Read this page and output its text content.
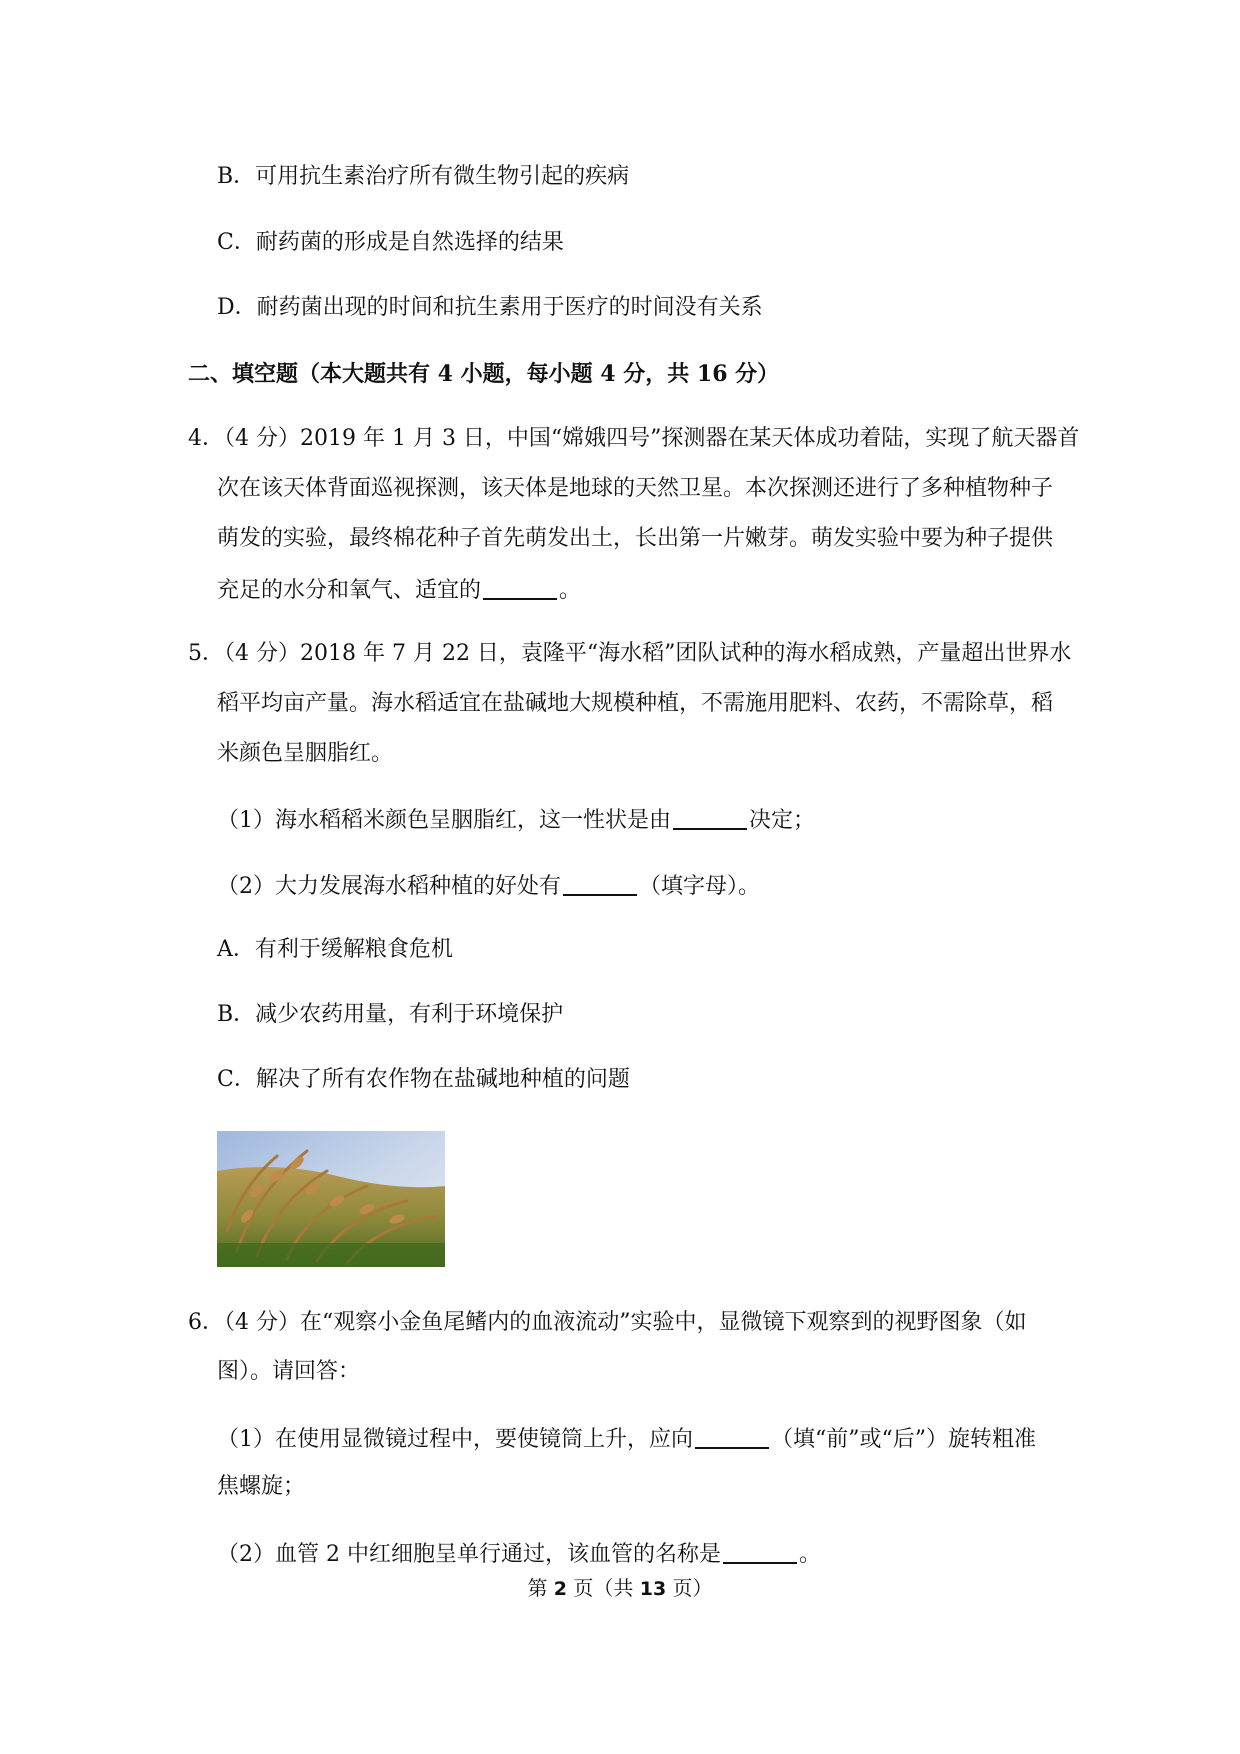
B．可用抗生素治疗所有微生物引起的疾病
C．耐药菌的形成是自然选择的结果
D．耐药菌出现的时间和抗生素用于医疗的时间没有关系
二、填空题（本大题共有 4 小题，每小题 4 分，共 16 分）
4．（4 分）2019 年 1 月 3 日，中国“嫦娥四号”探测器在某天体成功着陆，实现了航天器首
次在该天体背面巡视探测，该天体是地球的天然卫星。本次探测还进行了多种植物种子
萌发的实验，最终棉花种子首先萌发出土，长出第一片嫩芽。萌发实验中要为种子提供
充足的水分和氧气、适宜的	。
5．（4 分）2018 年 7 月 22 日，袁隆平“海水稻”团队试种的海水稻成熟，产量超出世界水
稻平均亩产量。海水稻适宜在盐碱地大规模种植，不需施用肥料、农药，不需除草，稻
米颜色呈胭脂红。
（1）海水稻稻米颜色呈胭脂红，这一性状是由	决定；
（2）大力发展海水稻种植的好处有	（填字母）。
A．有利于缓解粮食危机
B．减少农药用量，有利于环境保护
C．解决了所有农作物在盐碱地种植的问题
6．（4 分）在“观察小金鱼尾鳍内的血液流动”实验中，显微镜下观察到的视野图象（如
图）。请回答：
（1）在使用显微镜过程中，要使镜筒上升，应向	（填“前”或“后”）旋转粗准
焦螺旋；
（2）血管 2 中红细胞呈单行通过，该血管的名称是	。
第 2 页（共 13 页）
